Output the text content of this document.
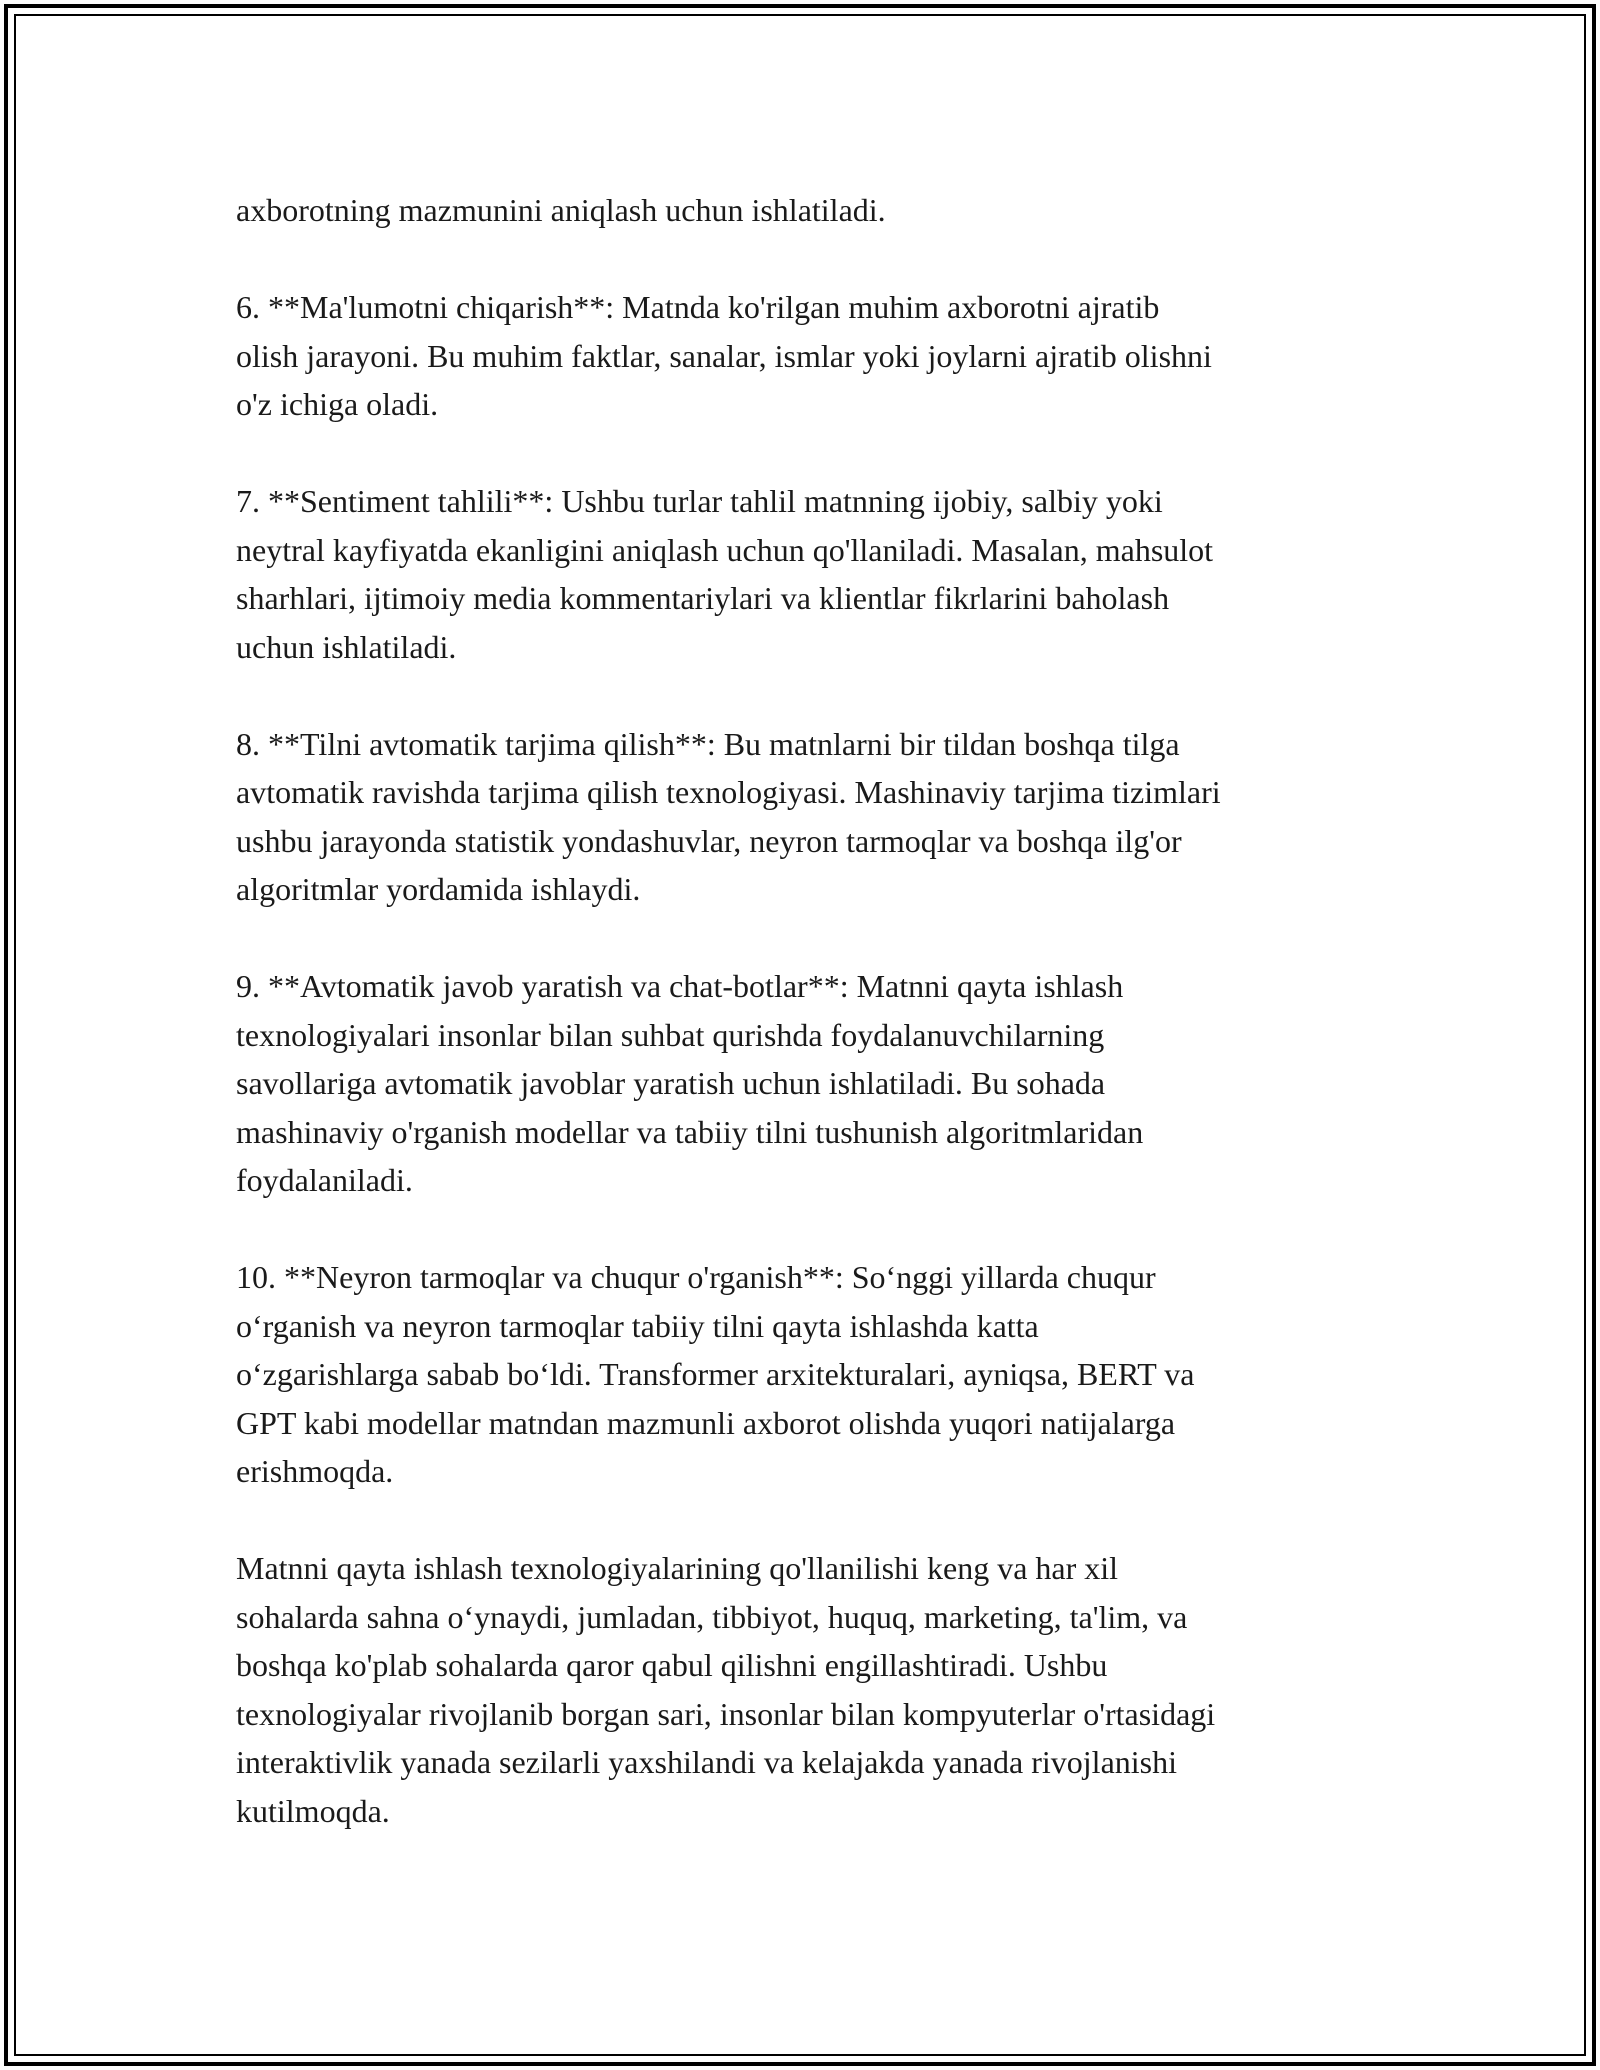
axborotning mazmunini aniqlash uchun ishlatiladi.

6. **Ma'lumotni chiqarish**: Matnda ko'rilgan muhim axborotni ajratib
olish jarayoni. Bu muhim faktlar, sanalar, ismlar yoki joylarni ajratib olishni
o'z ichiga oladi.

7. **Sentiment tahlili**: Ushbu turlar tahlil matnning ijobiy, salbiy yoki
neytral kayfiyatda ekanligini aniqlash uchun qo'llaniladi. Masalan, mahsulot
sharhlari, ijtimoiy media kommentariylari va klientlar fikrlarini baholash
uchun ishlatiladi.

8. **Tilni avtomatik tarjima qilish**: Bu matnlarni bir tildan boshqa tilga
avtomatik ravishda tarjima qilish texnologiyasi. Mashinaviy tarjima tizimlari
ushbu jarayonda statistik yondashuvlar, neyron tarmoqlar va boshqa ilg'or
algoritmlar yordamida ishlaydi.

9. **Avtomatik javob yaratish va chat-botlar**: Matnni qayta ishlash
texnologiyalari insonlar bilan suhbat qurishda foydalanuvchilarning
savollariga avtomatik javoblar yaratish uchun ishlatiladi. Bu sohada
mashinaviy o'rganish modellar va tabiiy tilni tushunish algoritmlaridan
foydalaniladi.

10. **Neyron tarmoqlar va chuqur o'rganish**: So‘nggi yillarda chuqur
o‘rganish va neyron tarmoqlar tabiiy tilni qayta ishlashda katta
o‘zgarishlarga sabab bo‘ldi. Transformer arxitekturalari, ayniqsa, BERT va
GPT kabi modellar matndan mazmunli axborot olishda yuqori natijalarga
erishmoqda.

Matnni qayta ishlash texnologiyalarining qo'llanilishi keng va har xil
sohalarda sahna o‘ynaydi, jumladan, tibbiyot, huquq, marketing, ta'lim, va
boshqa ko'plab sohalarda qaror qabul qilishni engillashtiradi. Ushbu
texnologiyalar rivojlanib borgan sari, insonlar bilan kompyuterlar o'rtasidagi
interaktivlik yanada sezilarli yaxshilandi va kelajakda yanada rivojlanishi
kutilmoqda.
